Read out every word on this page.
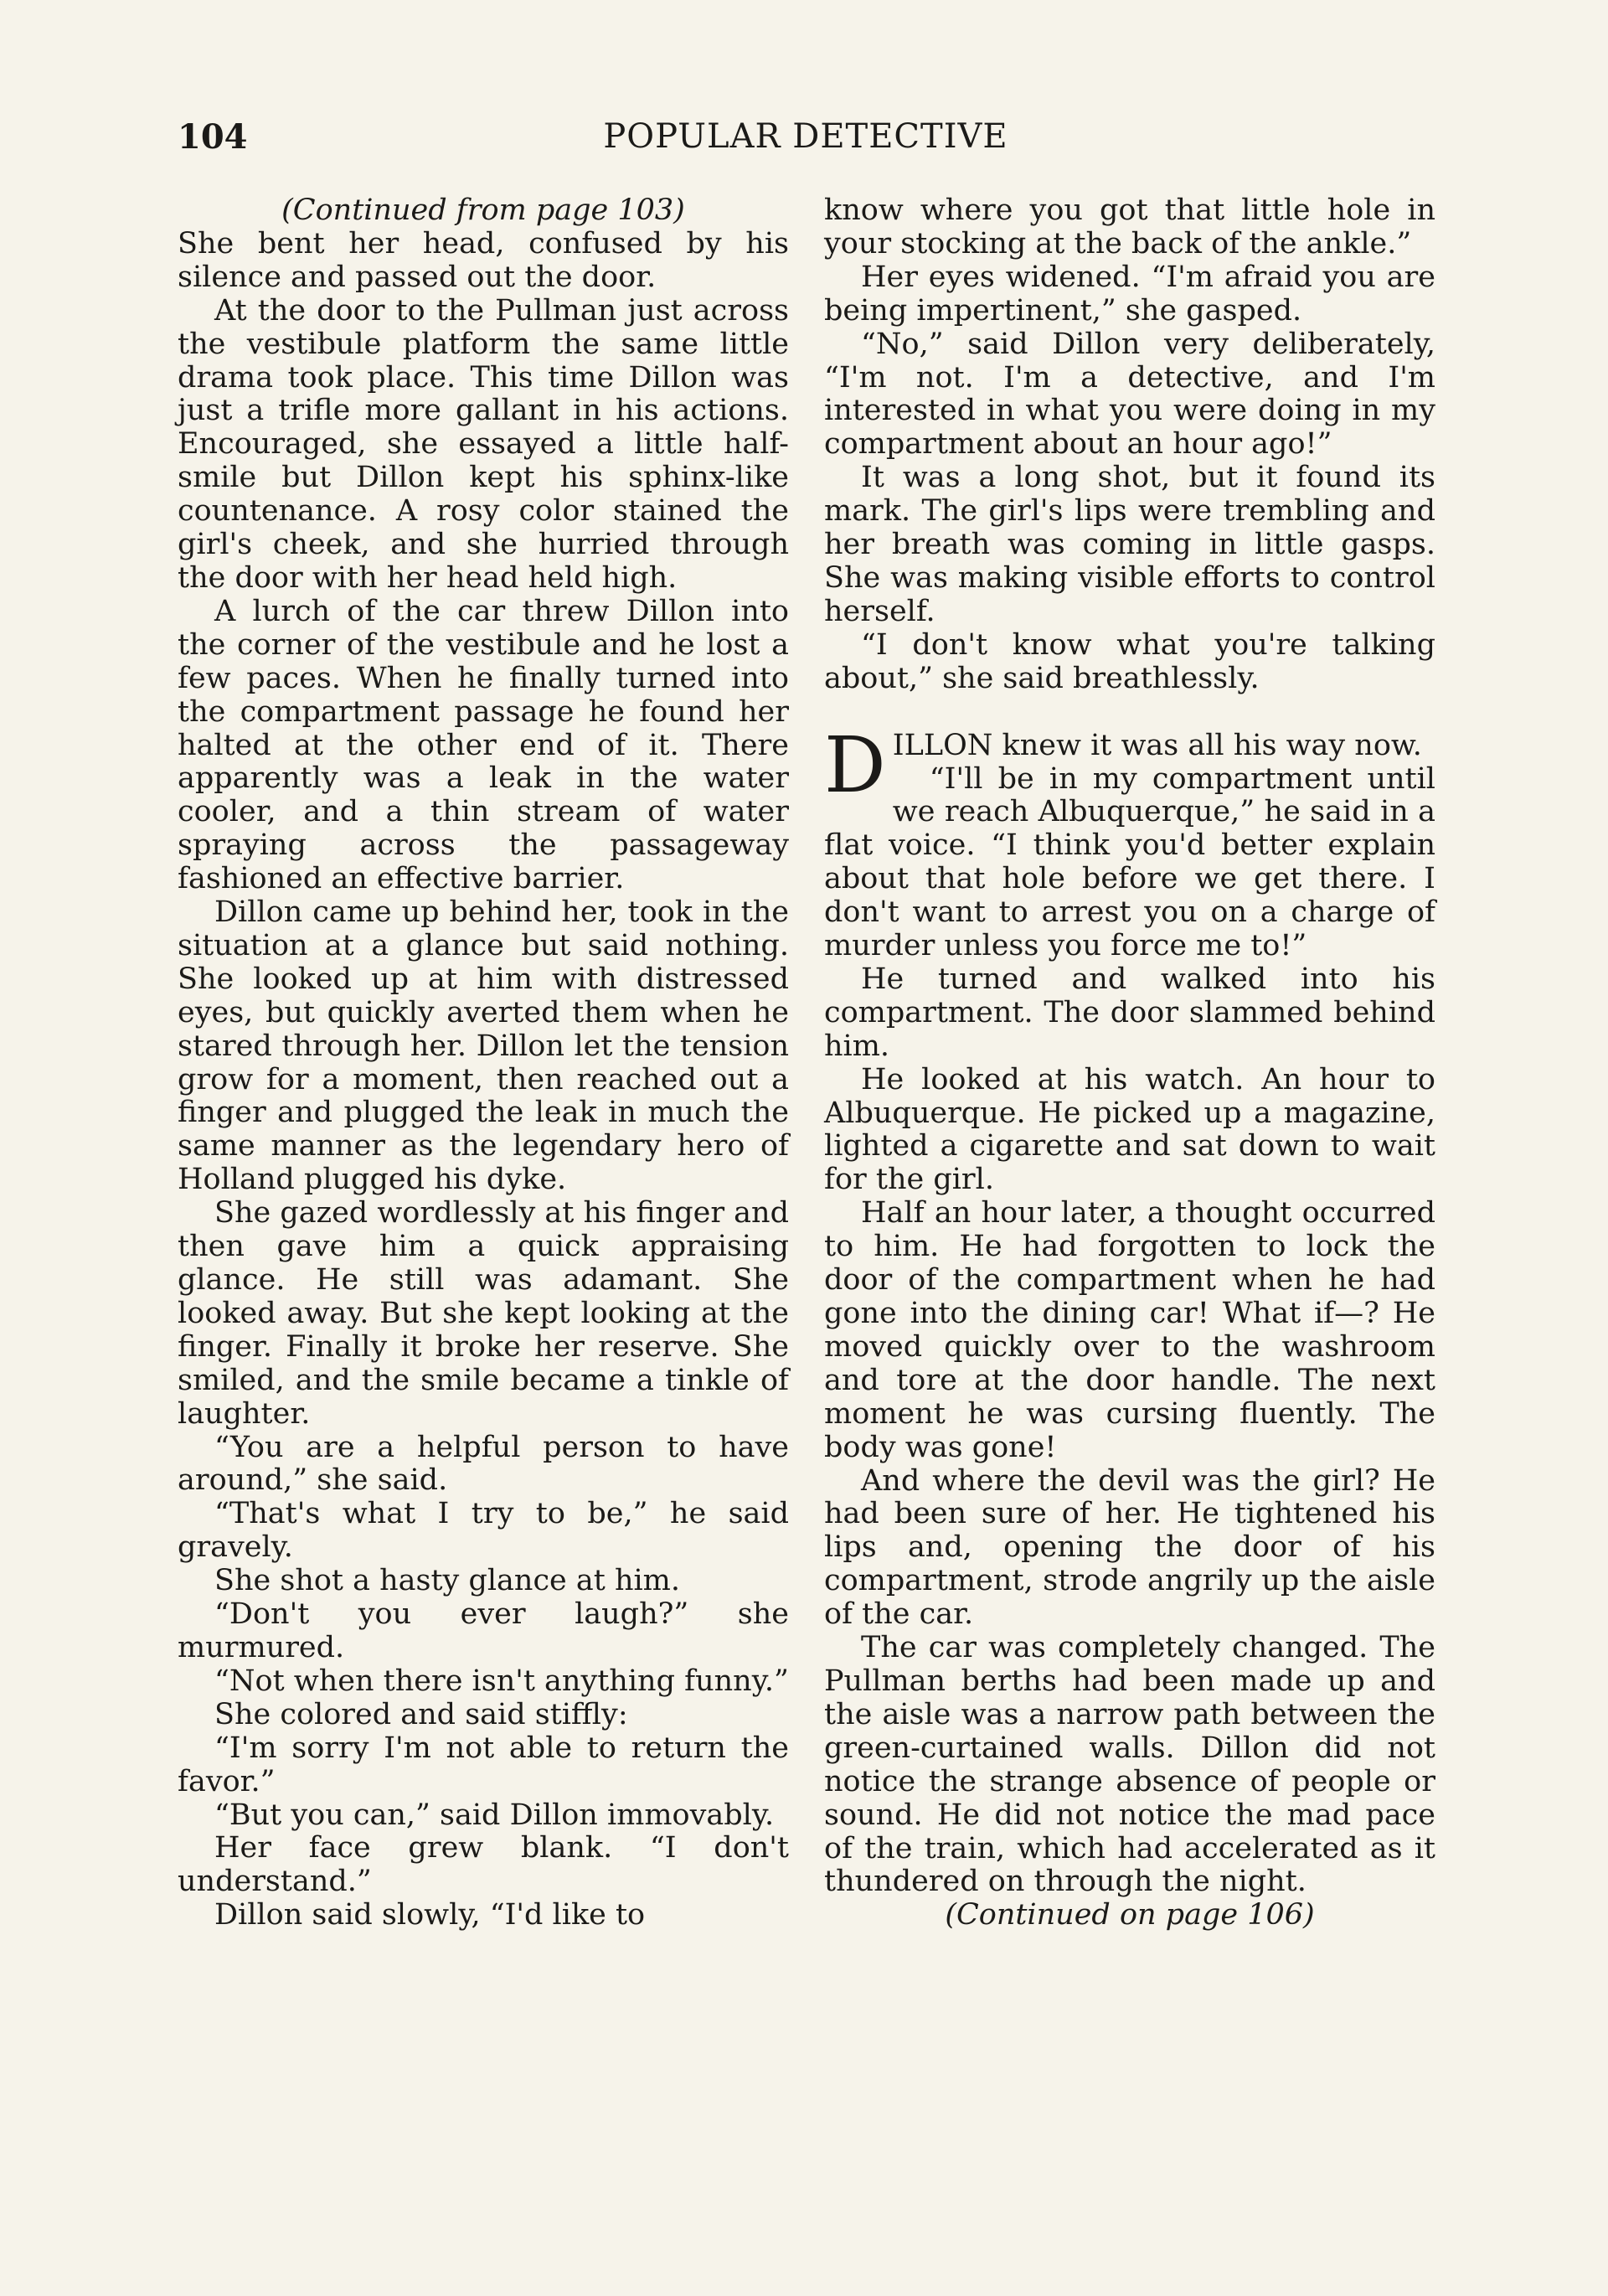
104	POPULAR DETECTIVE

(Continued from page 103)

She bent her head, confused by his silence and passed out the door.

At the door to the Pullman just across the vestibule platform the same little drama took place. This time Dillon was just a trifle more gallant in his actions. Encouraged, she essayed a little half-smile but Dillon kept his sphinx-like countenance. A rosy color stained the girl's cheek, and she hurried through the door with her head held high.

A lurch of the car threw Dillon into the corner of the vestibule and he lost a few paces. When he finally turned into the compartment passage he found her halted at the other end of it. There apparently was a leak in the water cooler, and a thin stream of water spraying across the passageway fashioned an effective barrier.

Dillon came up behind her, took in the situation at a glance but said nothing. She looked up at him with distressed eyes, but quickly averted them when he stared through her. Dillon let the tension grow for a moment, then reached out a finger and plugged the leak in much the same manner as the legendary hero of Holland plugged his dyke.

She gazed wordlessly at his finger and then gave him a quick appraising glance. He still was adamant. She looked away. But she kept looking at the finger. Finally it broke her reserve. She smiled, and the smile became a tinkle of laughter.

“You are a helpful person to have around,” she said.

“That's what I try to be,” he said gravely.

She shot a hasty glance at him.

“Don't you ever laugh?” she murmured.

“Not when there isn't anything funny.”

She colored and said stiffly:

“I'm sorry I'm not able to return the favor.”

“But you can,” said Dillon immovably.

Her face grew blank. “I don't understand.”

Dillon said slowly, “I'd like to

know where you got that little hole in your stocking at the back of the ankle.”

Her eyes widened. “I'm afraid you are being impertinent,” she gasped.

“No,” said Dillon very deliberately, “I'm not. I'm a detective, and I'm interested in what you were doing in my compartment about an hour ago!”

It was a long shot, but it found its mark. The girl's lips were trembling and her breath was coming in little gasps. She was making visible efforts to control herself.

“I don't know what you're talking about,” she said breathlessly.

DILLON knew it was all his way now.

“I'll be in my compartment until we reach Albuquerque,” he said in a flat voice. “I think you'd better explain about that hole before we get there. I don't want to arrest you on a charge of murder unless you force me to!”

He turned and walked into his compartment. The door slammed behind him.

He looked at his watch. An hour to Albuquerque. He picked up a magazine, lighted a cigarette and sat down to wait for the girl.

Half an hour later, a thought occurred to him. He had forgotten to lock the door of the compartment when he had gone into the dining car! What if—? He moved quickly over to the washroom and tore at the door handle. The next moment he was cursing fluently. The body was gone!

And where the devil was the girl? He had been sure of her. He tightened his lips and, opening the door of his compartment, strode angrily up the aisle of the car.

The car was completely changed. The Pullman berths had been made up and the aisle was a narrow path between the green-curtained walls. Dillon did not notice the strange absence of people or sound. He did not notice the mad pace of the train, which had accelerated as it thundered on through the night.

(Continued on page 106)
